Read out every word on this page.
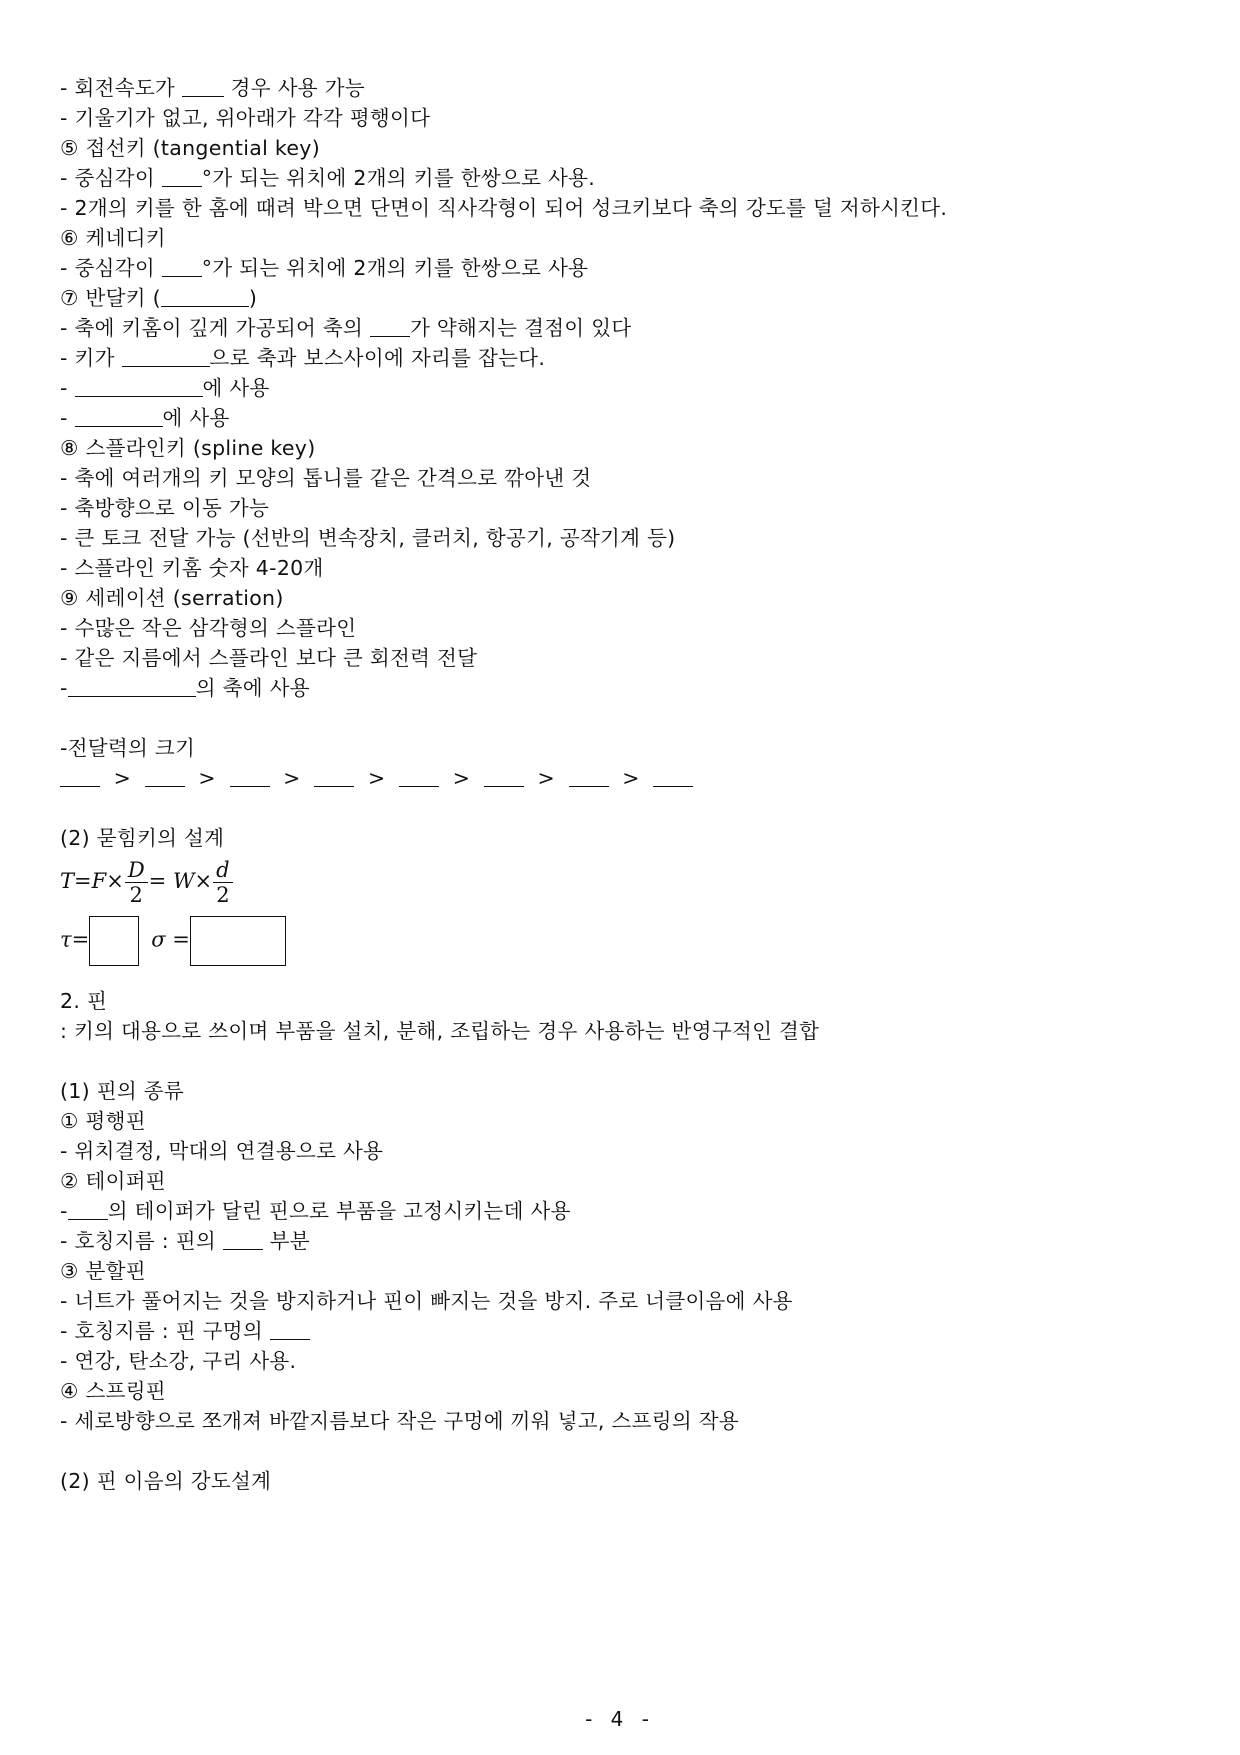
- 회전속도가  경우 사용 가능
- 기울기가 없고, 위아래가 각각 평행이다
⑤ 접선키 (tangential key)
- 중심각이 °가 되는 위치에 2개의 키를 한쌍으로 사용.
- 2개의 키를 한 홈에 때려 박으면 단면이 직사각형이 되어 성크키보다 축의 강도를 덜 저하시킨다.
⑥ 케네디키
- 중심각이 °가 되는 위치에 2개의 키를 한쌍으로 사용
⑦ 반달키 (	)
- 축에 키홈이 깊게 가공되어 축의 가 약해지는 결점이 있다
- 키가	으로 축과 보스사이에 자리를 잡는다.
-	에 사용
-	에 사용
⑧ 스플라인키 (spline key)
- 축에 여러개의 키 모양의 톱니를 같은 간격으로 깎아낸 것
- 축방향으로 이동 가능
- 큰 토크 전달 가능 (선반의 변속장치, 클러치, 항공기, 공작기계 등)
- 스플라인 키홈 숫자 4-20개
⑨ 세레이션 (serration)
- 수많은 작은 삼각형의 스플라인
- 같은 지름에서 스플라인 보다 큰 회전력 전달
-	의 축에 사용
-전달력의 크기
>	>	>	>	>	>	>
(2) 묻힘키의 설계
$T=F\times \frac{D}{2} = W\times \frac{d}{2}$
τ=	σ =
2. 핀
: 키의 대용으로 쓰이며 부품을 설치, 분해, 조립하는 경우 사용하는 반영구적인 결합
(1) 핀의 종류
① 평행핀
- 위치결정, 막대의 연결용으로 사용
② 테이퍼핀
- 의 테이퍼가 달린 핀으로 부품을 고정시키는데 사용
- 호칭지름 : 핀의  부분
③ 분할핀
- 너트가 풀어지는 것을 방지하거나 핀이 빠지는 것을 방지. 주로 너클이음에 사용
- 호칭지름 : 핀 구멍의
- 연강, 탄소강, 구리 사용.
④ 스프링핀
- 세로방향으로 쪼개져 바깥지름보다 작은 구멍에 끼워 넣고, 스프링의 작용
(2) 핀 이음의 강도설계
- 4 -
